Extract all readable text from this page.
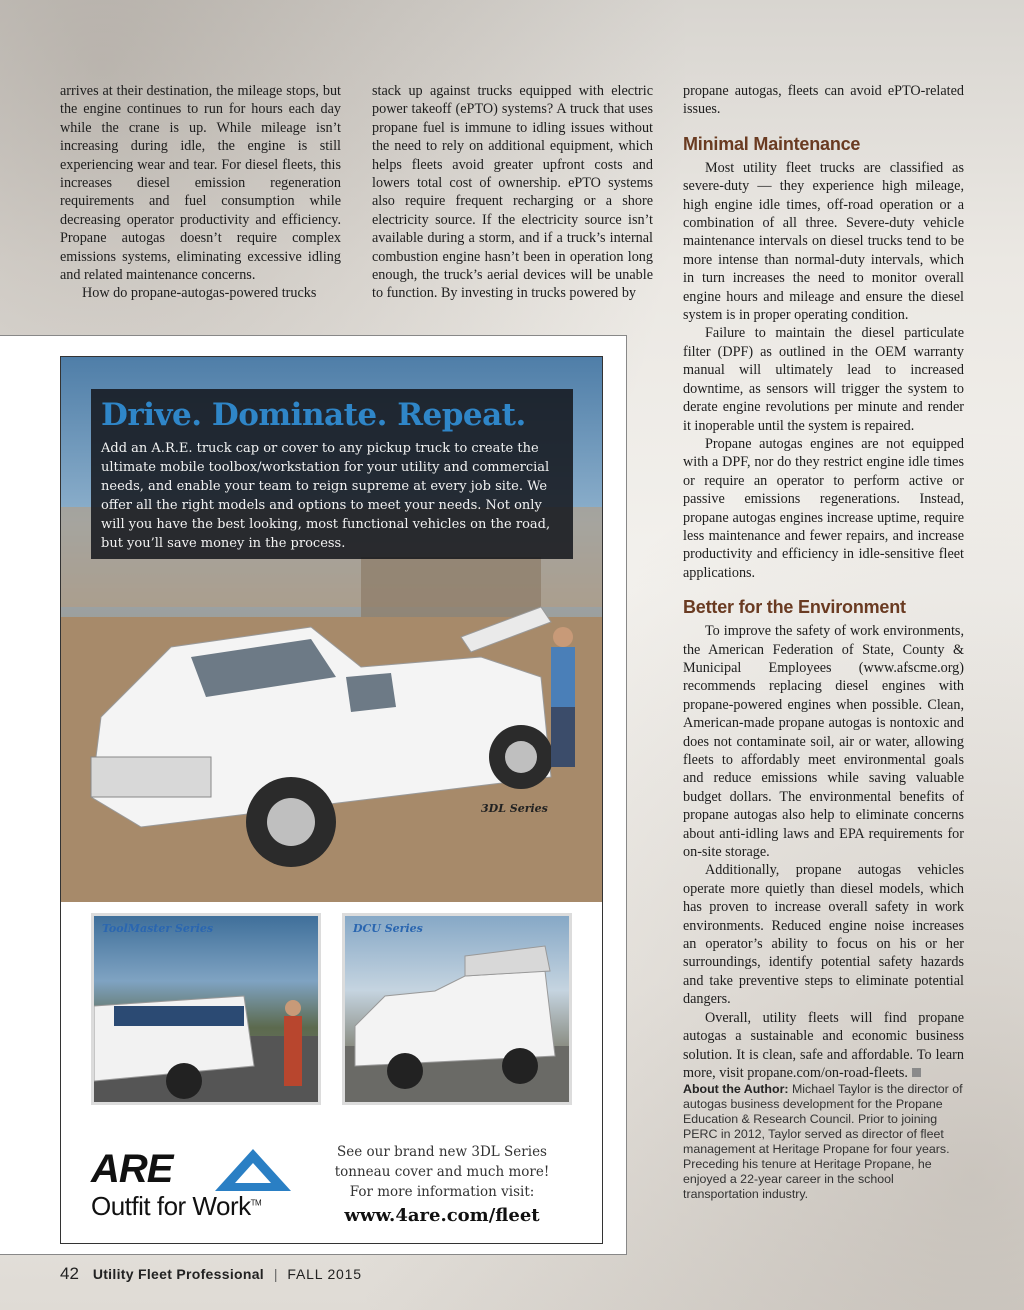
arrives at their destination, the mileage stops, but the engine continues to run for hours each day while the crane is up. While mileage isn’t increasing during idle, the engine is still experiencing wear and tear. For diesel fleets, this increases diesel emission regeneration requirements and fuel consumption while decreasing operator productivity and efficiency. Propane autogas doesn’t require complex emissions systems, eliminating excessive idling and related maintenance concerns.

How do propane-autogas-powered trucks

stack up against trucks equipped with electric power takeoff (ePTO) systems? A truck that uses propane fuel is immune to idling issues without the need to rely on additional equipment, which helps fleets avoid greater upfront costs and lowers total cost of ownership. ePTO systems also require frequent recharging or a shore electricity source. If the electricity source isn’t available during a storm, and if a truck’s internal combustion engine hasn’t been in operation long enough, the truck’s aerial devices will be unable to function. By investing in trucks powered by

propane autogas, fleets can avoid ePTO-related issues.

Minimal Maintenance

Most utility fleet trucks are classified as severe-duty — they experience high mileage, high engine idle times, off-road operation or a combination of all three. Severe-duty vehicle maintenance intervals on diesel trucks tend to be more intense than normal-duty intervals, which in turn increases the need to monitor overall engine hours and mileage and ensure the diesel system is in proper operating condition.

Failure to maintain the diesel particulate filter (DPF) as outlined in the OEM warranty manual will ultimately lead to increased downtime, as sensors will trigger the system to derate engine revolutions per minute and render it inoperable until the system is repaired.

Propane autogas engines are not equipped with a DPF, nor do they restrict engine idle times or require an operator to perform active or passive emissions regenerations. Instead, propane autogas engines increase uptime, require less maintenance and fewer repairs, and increase productivity and efficiency in idle-sensitive fleet applications.

Better for the Environment

To improve the safety of work environments, the American Federation of State, County & Municipal Employees (www.afscme.org) recommends replacing diesel engines with propane-powered engines when possible. Clean, American-made propane autogas is nontoxic and does not contaminate soil, air or water, allowing fleets to affordably meet environmental goals and reduce emissions while saving valuable budget dollars. The environmental benefits of propane autogas also help to eliminate concerns about anti-idling laws and EPA requirements for on-site storage.

Additionally, propane autogas vehicles operate more quietly than diesel models, which has proven to increase overall safety in work environments. Reduced engine noise increases an operator’s ability to focus on his or her surroundings, identify potential safety hazards and take preventive steps to eliminate potential dangers.

Overall, utility fleets will find propane autogas a sustainable and economic business solution. It is clean, safe and affordable. To learn more, visit propane.com/on-road-fleets.

About the Author: Michael Taylor is the director of autogas business development for the Propane Education & Research Council. Prior to joining PERC in 2012, Taylor served as director of fleet management at Heritage Propane for four years. Preceding his tenure at Heritage Propane, he enjoyed a 22-year career in the school transportation industry.

Drive. Dominate. Repeat.
Add an A.R.E. truck cap or cover to any pickup truck to create the ultimate mobile toolbox/workstation for your utility and commercial needs, and enable your team to reign supreme at every job site. We offer all the right models and options to meet your needs. Not only will you have the best looking, most functional vehicles on the road, but you’ll save money in the process.
3DL Series
ToolMaster Series	DCU Series
ARE
Outfit for Work™
See our brand new 3DL Series
tonneau cover and much more!
For more information visit:
www.4are.com/fleet
42 Utility Fleet Professional | FALL 2015
